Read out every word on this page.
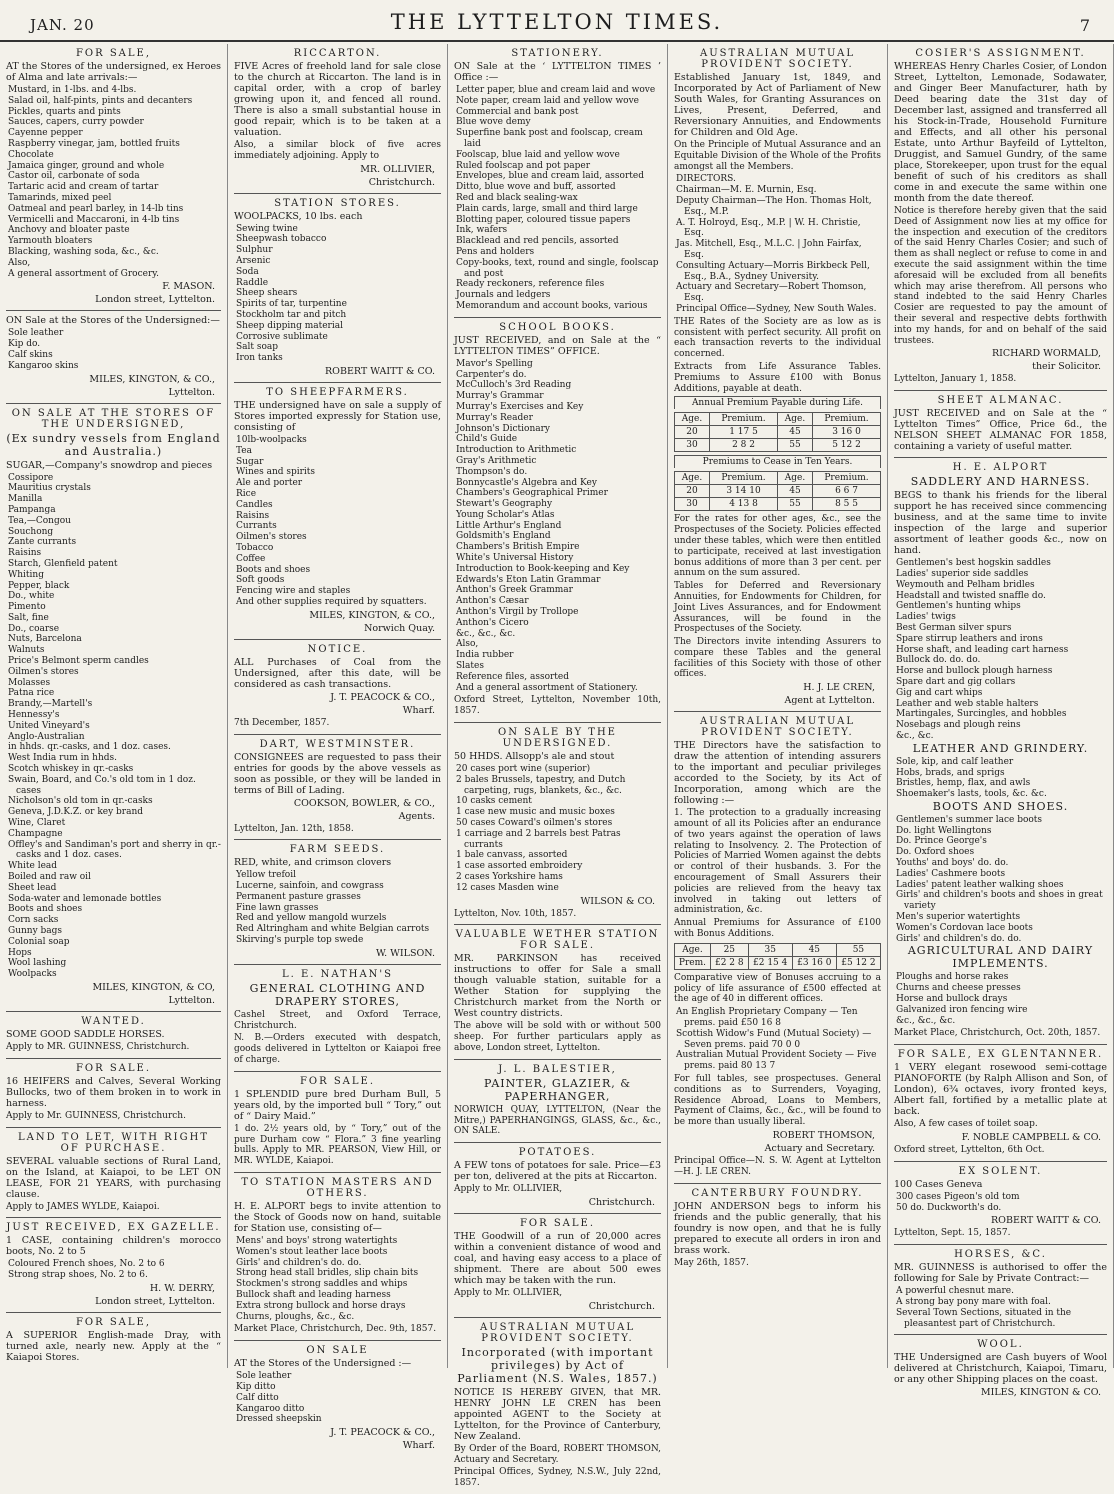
JAN. 20	THE LYTTELTON TIMES.	7
FOR SALE,

AT the Stores of the undersigned, ex Heroes of Alma and late arrivals:—

Mustard, in 1-lbs. and 4-lbs.
Salad oil, half-pints, pints and decanters
Pickles, quarts and pints
Sauces, capers, curry powder
Cayenne pepper
Raspberry vinegar, jam, bottled fruits
Chocolate
Jamaica ginger, ground and whole
Castor oil, carbonate of soda
Tartaric acid and cream of tartar
Tamarinds, mixed peel
Oatmeal and pearl barley, in 14-lb tins
Vermicelli and Maccaroni, in 4-lb tins
Anchovy and bloater paste
Yarmouth bloaters
Blacking, washing soda, &c., &c.
Also,
A general assortment of Grocery.

F. MASON.

London street, Lyttelton.

ON Sale at the Stores of the Undersigned:—

Sole leather
Kip do.
Calf skins
Kangaroo skins

MILES, KINGTON, & CO.,

Lyttelton.

ON SALE AT THE STORES OF THE UNDERSIGNED,
(Ex sundry vessels from England and Australia.)

SUGAR,—Company's snowdrop and pieces

Cossipore
Mauritius crystals
Manilla
Pampanga
Tea,—Congou
Souchong
Zante currants
Raisins
Starch, Glenfield patent
Whiting
Pepper, black
Do., white
Pimento
Salt, fine
Do., coarse
Nuts, Barcelona
Walnuts
Price's Belmont sperm candles
Oilmen's stores
Molasses
Patna rice
Brandy,—Martell's
Hennessy's
United Vineyard's
Anglo-Australian
in hhds. qr.-casks, and 1 doz. cases.
West India rum in hhds.
Scotch whiskey in qr.-casks
Swain, Board, and Co.'s old tom in 1 doz. cases
Nicholson's old tom in qr.-casks
Geneva, J.D.K.Z. or key brand
Wine, Claret
Champagne
Offley's and Sandiman's port and sherry in qr.-casks and 1 doz. cases.
White lead
Boiled and raw oil
Sheet lead
Soda-water and lemonade bottles
Boots and shoes
Corn sacks
Gunny bags
Colonial soap
Hops
Wool lashing
Woolpacks

MILES, KINGTON, & CO,

Lyttelton.

WANTED.

SOME GOOD SADDLE HORSES.

Apply to MR. GUINNESS, Christchurch.

FOR SALE.

16 HEIFERS and Calves, Several Working Bullocks, two of them broken in to work in harness.

Apply to Mr. GUINNESS, Christchurch.

LAND TO LET, WITH RIGHT OF PURCHASE.

SEVERAL valuable sections of Rural Land, on the Island, at Kaiapoi, to be LET ON LEASE, FOR 21 YEARS, with purchasing clause.

Apply to JAMES WYLDE, Kaiapoi.

JUST RECEIVED, EX GAZELLE.

1 CASE, containing children's morocco boots, No. 2 to 5

Coloured French shoes, No. 2 to 6
Strong strap shoes, No. 2 to 6.

H. W. DERRY,

London street, Lyttelton.

FOR SALE,

A SUPERIOR English-made Dray, with turned axle, nearly new. Apply at the “ Kaiapoi Stores.

RICCARTON.

FIVE Acres of freehold land for sale close to the church at Riccarton. The land is in capital order, with a crop of barley growing upon it, and fenced all round. There is also a small substantial house in good repair, which is to be taken at a valuation.

Also, a similar block of five acres immediately adjoining. Apply to

MR. OLLIVIER,

Christchurch.

STATION STORES.

WOOLPACKS, 10 lbs. each

Sewing twine
Sheepwash tobacco
Sulphur
Arsenic
Soda
Raddle
Sheep shears
Spirits of tar, turpentine
Stockholm tar and pitch
Sheep dipping material
Corrosive sublimate
Salt soap
Iron tanks

ROBERT WAITT & CO.

TO SHEEPFARMERS.

THE undersigned have on sale a supply of Stores imported expressly for Station use, consisting of

10lb-woolpacks
Tea
Sugar
Wines and spirits
Ale and porter
Rice
Candles
Raisins
Currants
Oilmen's stores
Tobacco
Coffee
Boots and shoes
Soft goods
Fencing wire and staples
And other supplies required by squatters.

MILES, KINGTON, & CO.,

Norwich Quay.

NOTICE.

ALL Purchases of Coal from the Undersigned, after this date, will be considered as cash transactions.

J. T. PEACOCK & CO.,

Wharf.

7th December, 1857.

DART, WESTMINSTER.

CONSIGNEES are requested to pass their entries for goods by the above vessels as soon as possible, or they will be landed in terms of Bill of Lading.

COOKSON, BOWLER, & CO.,

Agents.

Lyttelton, Jan. 12th, 1858.

FARM SEEDS.

RED, white, and crimson clovers

Yellow trefoil
Lucerne, sainfoin, and cowgrass
Permanent pasture grasses
Fine lawn grasses
Red and yellow mangold wurzels
Red Altringham and white Belgian carrots
Skirving's purple top swede

W. WILSON.

L. E. NATHAN'S
GENERAL CLOTHING AND DRAPERY STORES,

Cashel Street, and Oxford Terrace, Christchurch.

N. B.—Orders executed with despatch, goods delivered in Lyttelton or Kaiapoi free of charge.

FOR SALE.

1 SPLENDID pure bred Durham Bull, 5 years old, by the imported bull “ Tory,” out of “ Dairy Maid.”

1 do. 2½ years old, by “ Tory,” out of the pure Durham cow “ Flora.” 3 fine yearling bulls. Apply to MR. PEARSON, View Hill, or MR. WYLDE, Kaiapoi.

TO STATION MASTERS AND OTHERS.

H. E. ALPORT begs to invite attention to the Stock of Goods now on hand, suitable for Station use, consisting of—

Mens' and boys' strong watertights
Women's stout leather lace boots
Girls' and children's do. do.
Strong head stall bridles, slip chain bits
Stockmen's strong saddles and whips
Bullock shaft and leading harness
Extra strong bullock and horse drays
Churns, ploughs, &c., &c.

Market Place, Christchurch, Dec. 9th, 1857.

ON SALE

AT the Stores of the Undersigned :—

Sole leather
Kip ditto
Calf ditto
Kangaroo ditto
Dressed sheepskin

J. T. PEACOCK & CO.,

Wharf.

STATIONERY.

ON Sale at the ‘ LYTTELTON TIMES ’ Office :—

Letter paper, blue and cream laid and wove
Note paper, cream laid and yellow wove
Commercial and bank post
Blue wove demy
Superfine bank post and foolscap, cream laid
Foolscap, blue laid and yellow wove
Ruled foolscap and pot paper
Envelopes, blue and cream laid, assorted
Ditto, blue wove and buff, assorted
Red and black sealing-wax
Plain cards, large, small and third large
Blotting paper, coloured tissue papers
Ink, wafers
Blacklead and red pencils, assorted
Pens and holders
Copy-books, text, round and single, foolscap and post
Ready reckoners, reference files
Journals and ledgers
Memorandum and account books, various
SCHOOL BOOKS.

JUST RECEIVED, and on Sale at the “ LYTTELTON TIMES” OFFICE.

Mavor's Spelling
Carpenter's do.
McCulloch's 3rd Reading
Murray's Grammar
Murray's Exercises and Key
Murray's Reader
Johnson's Dictionary
Child's Guide
Introduction to Arithmetic
Gray's Arithmetic
Thompson's do.
Bonnycastle's Algebra and Key
Chambers's Geographical Primer
Stewart's Geography
Young Scholar's Atlas
Little Arthur's England
Goldsmith's England
Chambers's British Empire
White's Universal History
Introduction to Book-keeping and Key
Edwards's Eton Latin Grammar
Anthon's Greek Grammar
Anthon's Cæsar
Anthon's Virgil by Trollope
Anthon's Cicero
&c., &c., &c.
Also,
India rubber
Slates
Reference files, assorted
And a general assortment of Stationery.

Oxford Street, Lyttelton, November 10th, 1857.

ON SALE BY THE UNDERSIGNED.

50 HHDS. Allsopp's ale and stout

20 cases port wine (superior)
2 bales Brussels, tapestry, and Dutch carpeting, rugs, blankets, &c., &c.
10 casks cement
1 case new music and music boxes
50 cases Coward's oilmen's stores
1 carriage and 2 barrels best Patras currants
1 bale canvass, assorted
1 case assorted embroidery
2 cases Yorkshire hams
12 cases Masden wine

WILSON & CO.

Lyttelton, Nov. 10th, 1857.

VALUABLE WETHER STATION FOR SALE.

MR. PARKINSON has received instructions to offer for Sale a small though valuable station, suitable for a Wether Station for supplying the Christchurch market from the North or West country districts.

The above will be sold with or without 500 sheep. For further particulars apply as above, London street, Lyttelton.

J. L. BALESTIER,
PAINTER, GLAZIER, & PAPERHANGER,

NORWICH QUAY, LYTTELTON, (Near the Mitre,) PAPERHANGINGS, GLASS, &c., &c., ON SALE.

POTATOES.

A FEW tons of potatoes for sale. Price—£3 per ton, delivered at the pits at Riccarton.

Apply to Mr. OLLIVIER,

Christchurch.

FOR SALE.

THE Goodwill of a run of 20,000 acres within a convenient distance of wood and coal, and having easy access to a place of shipment. There are about 500 ewes which may be taken with the run.

Apply to Mr. OLLIVIER,

Christchurch.

AUSTRALIAN MUTUAL PROVIDENT SOCIETY.
Incorporated (with important privileges) by Act of Parliament (N.S. Wales, 1857.)

NOTICE IS HEREBY GIVEN, that MR. HENRY JOHN LE CREN has been appointed AGENT to the Society at Lyttelton, for the Province of Canterbury, New Zealand.

By Order of the Board, ROBERT THOMSON, Actuary and Secretary.

Principal Offices, Sydney, N.S.W., July 22nd, 1857.

AUSTRALIAN MUTUAL PROVIDENT SOCIETY.

Established January 1st, 1849, and Incorporated by Act of Parliament of New South Wales, for Granting Assurances on Lives, Present, Deferred, and Reversionary Annuities, and Endowments for Children and Old Age.

On the Principle of Mutual Assurance and an Equitable Division of the Whole of the Profits amongst all the Members.

DIRECTORS.
Chairman—M. E. Murnin, Esq.
Deputy Chairman—The Hon. Thomas Holt, Esq., M.P.
A. T. Holroyd, Esq., M.P. | W. H. Christie, Esq.
Jas. Mitchell, Esq., M.L.C. | John Fairfax, Esq.
Consulting Actuary—Morris Birkbeck Pell, Esq., B.A., Sydney University.
Actuary and Secretary—Robert Thomson, Esq.
Principal Office—Sydney, New South Wales.

THE Rates of the Society are as low as is consistent with perfect security. All profit on each transaction reverts to the individual concerned.

Extracts from Life Assurance Tables. Premiums to Assure £100 with Bonus Additions, payable at death.

Annual Premium Payable during Life.
Age.	Premium.	Age.	Premium.
20	1 17 5	45	3 16 0
30	2 8 2	55	5 12 2
Premiums to Cease in Ten Years.
Age.	Premium.	Age.	Premium.
20	3 14 10	45	6 6 7
30	4 13 8	55	8 5 5

For the rates for other ages, &c., see the Prospectuses of the Society. Policies effected under these tables, which were then entitled to participate, received at last investigation bonus additions of more than 3 per cent. per annum on the sum assured.

Tables for Deferred and Reversionary Annuities, for Endowments for Children, for Joint Lives Assurances, and for Endowment Assurances, will be found in the Prospectuses of the Society.

The Directors invite intending Assurers to compare these Tables and the general facilities of this Society with those of other offices.

H. J. LE CREN,

Agent at Lyttelton.

AUSTRALIAN MUTUAL PROVIDENT SOCIETY.

THE Directors have the satisfaction to draw the attention of intending assurers to the important and peculiar privileges accorded to the Society, by its Act of Incorporation, among which are the following :—

1. The protection to a gradually increasing amount of all its Policies after an endurance of two years against the operation of laws relating to Insolvency. 2. The Protection of Policies of Married Women against the debts or control of their husbands. 3. For the encouragement of Small Assurers their policies are relieved from the heavy tax involved in taking out letters of administration, &c.

Annual Premiums for Assurance of £100 with Bonus Additions.

Age.	25	35	45	55
Prem.	£2 2 8	£2 15 4	£3 16 0	£5 12 2

Comparative view of Bonuses accruing to a policy of life assurance of £500 effected at the age of 40 in different offices.

An English Proprietary Company — Ten prems. paid £50 16 8
Scottish Widow's Fund (Mutual Society) — Seven prems. paid 70 0 0
Australian Mutual Provident Society — Five prems. paid 80 13 7

For full tables, see prospectuses. General conditions as to Surrenders, Voyaging, Residence Abroad, Loans to Members, Payment of Claims, &c., &c., will be found to be more than usually liberal.

ROBERT THOMSON,

Actuary and Secretary.

Principal Office—N. S. W. Agent at Lyttelton—H. J. LE CREN.

CANTERBURY FOUNDRY.

JOHN ANDERSON begs to inform his friends and the public generally, that his foundry is now open, and that he is fully prepared to execute all orders in iron and brass work.

May 26th, 1857.

COSIER'S ASSIGNMENT.

WHEREAS Henry Charles Cosier, of London Street, Lyttelton, Lemonade, Sodawater, and Ginger Beer Manufacturer, hath by Deed bearing date the 31st day of December last, assigned and transferred all his Stock-in-Trade, Household Furniture and Effects, and all other his personal Estate, unto Arthur Bayfeild of Lyttelton, Druggist, and Samuel Gundry, of the same place, Storekeeper, upon trust for the equal benefit of such of his creditors as shall come in and execute the same within one month from the date thereof.

Notice is therefore hereby given that the said Deed of Assignment now lies at my office for the inspection and execution of the creditors of the said Henry Charles Cosier; and such of them as shall neglect or refuse to come in and execute the said assignment within the time aforesaid will be excluded from all benefits which may arise therefrom. All persons who stand indebted to the said Henry Charles Cosier are requested to pay the amount of their several and respective debts forthwith into my hands, for and on behalf of the said trustees.

RICHARD WORMALD,

their Solicitor.

Lyttelton, January 1, 1858.

SHEET ALMANAC.

JUST RECEIVED and on Sale at the “ Lyttelton Times” Office, Price 6d., the NELSON SHEET ALMANAC FOR 1858, containing a variety of useful matter.

H. E. ALPORT
SADDLERY AND HARNESS.

BEGS to thank his friends for the liberal support he has received since commencing business, and at the same time to invite inspection of the large and superior assortment of leather goods &c., now on hand.

Gentlemen's best hogskin saddles
Ladies' superior side saddles
Weymouth and Pelham bridles
Headstall and twisted snaffle do.
Gentlemen's hunting whips
Ladies' twigs
Best German silver spurs
Spare stirrup leathers and irons
Horse shaft, and leading cart harness
Bullock do. do. do.
Horse and bullock plough harness
Spare dart and gig collars
Gig and cart whips
Leather and web stable halters
Martingales, Surcingles, and hobbles
Nosebags and plough reins
&c., &c.
LEATHER AND GRINDERY.
Sole, kip, and calf leather
Hobs, brads, and sprigs
Bristles, hemp, flax, and awls
Shoemaker's lasts, tools, &c. &c.
BOOTS AND SHOES.
Gentlemen's summer lace boots
Do. light Wellingtons
Do. Prince George's
Do. Oxford shoes
Youths' and boys' do. do.
Ladies' Cashmere boots
Ladies' patent leather walking shoes
Girls' and children's boots and shoes in great variety
Men's superior watertights
Women's Cordovan lace boots
Girls' and children's do. do.
AGRICULTURAL AND DAIRY IMPLEMENTS.
Ploughs and horse rakes
Churns and cheese presses
Horse and bullock drays
Galvanized iron fencing wire
&c., &c., &c.

Market Place, Christchurch, Oct. 20th, 1857.

FOR SALE, EX GLENTANNER.

1 VERY elegant rosewood semi-cottage PIANOFORTE (by Ralph Allison and Son, of London), 6¾ octaves, ivory fronted keys, Albert fall, fortified by a metallic plate at back.

Also, A few cases of toilet soap.

F. NOBLE CAMPBELL & CO.

Oxford street, Lyttelton, 6th Oct.

EX SOLENT.

100 Cases Geneva

300 cases Pigeon's old tom
50 do. Duckworth's do.

ROBERT WAITT & CO.

Lyttelton, Sept. 15, 1857.

HORSES, &C.

MR. GUINNESS is authorised to offer the following for Sale by Private Contract:—

A powerful chesnut mare.
A strong bay pony mare with foal.
Several Town Sections, situated in the pleasantest part of Christchurch.
WOOL.

THE Undersigned are Cash buyers of Wool delivered at Christchurch, Kaiapoi, Timaru, or any other Shipping places on the coast.

MILES, KINGTON & CO.
